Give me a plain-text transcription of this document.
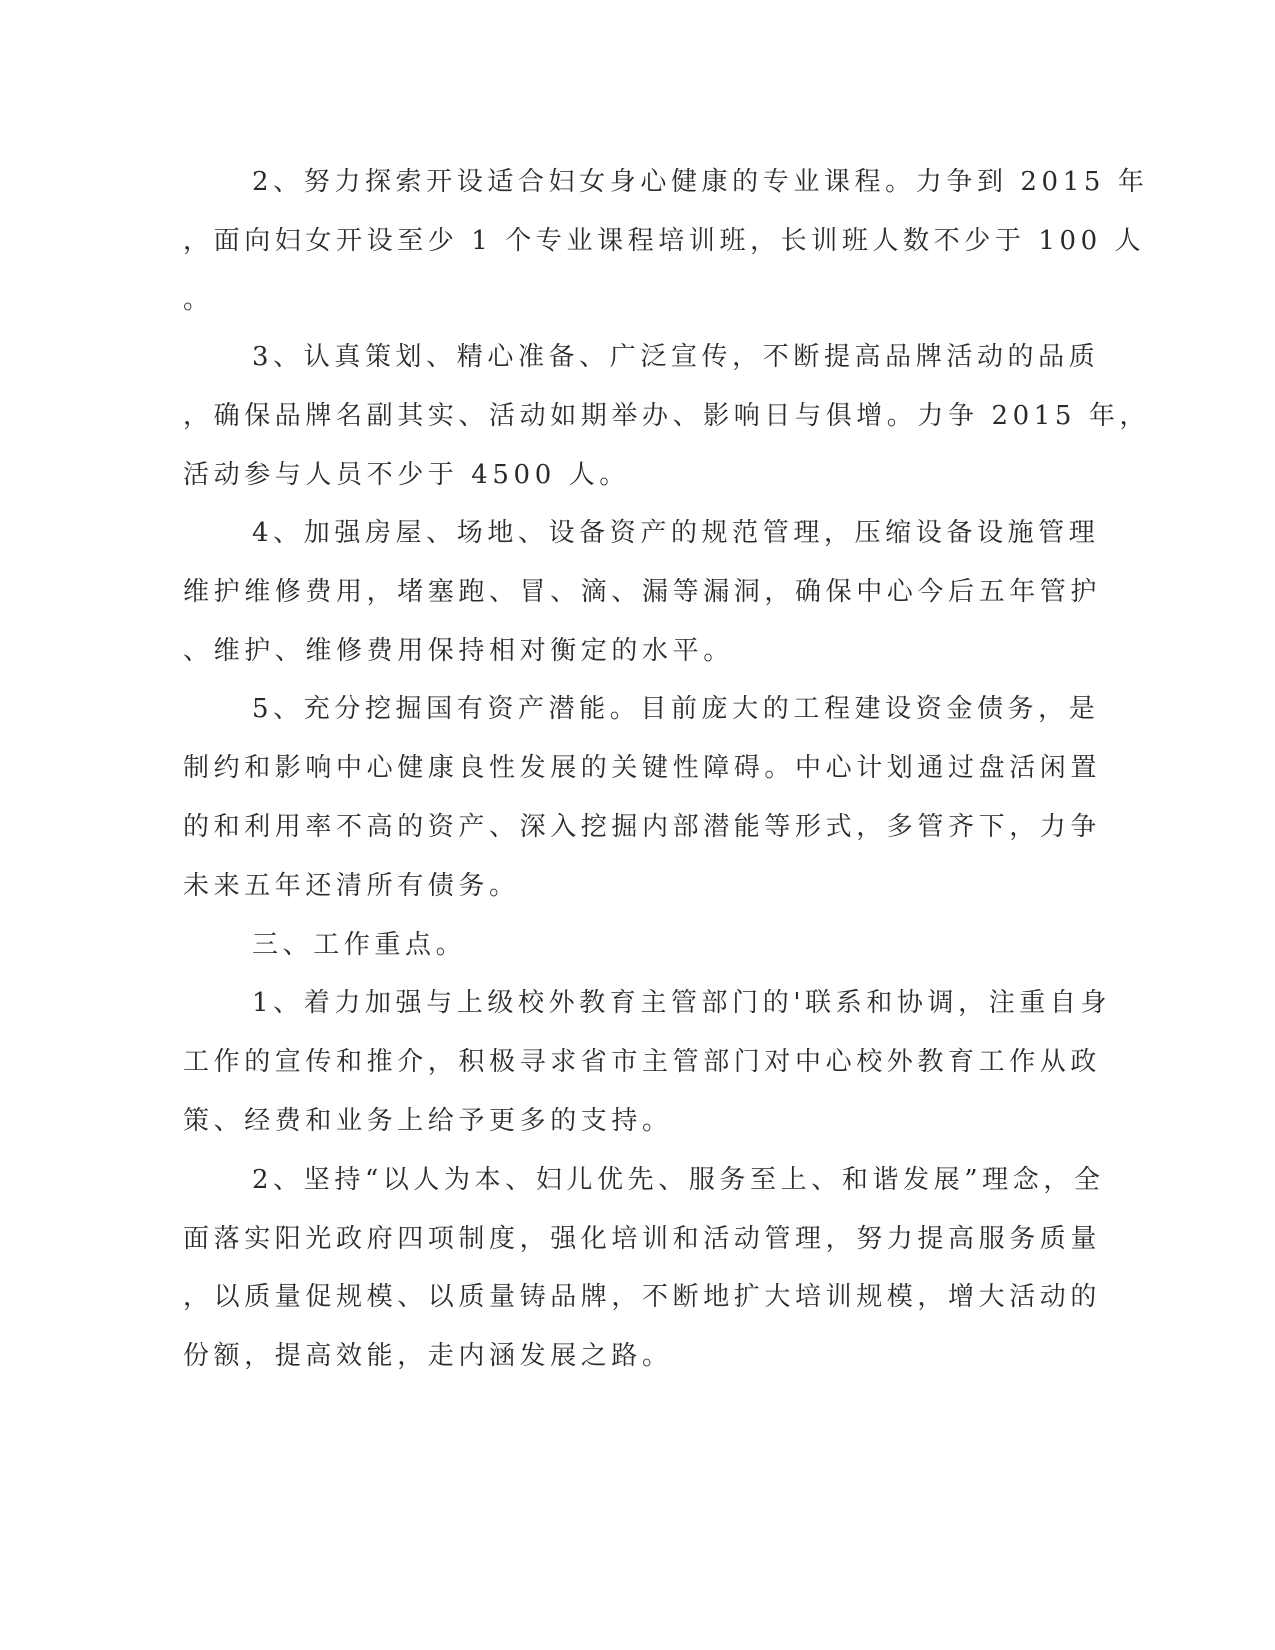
2、努力探索开设适合妇女身心健康的专业课程。力争到 2015 年
，面向妇女开设至少 1 个专业课程培训班，长训班人数不少于 100 人
。
3、认真策划、精心准备、广泛宣传，不断提高品牌活动的品质
，确保品牌名副其实、活动如期举办、影响日与俱增。力争 2015 年，
活动参与人员不少于 4500 人。
4、加强房屋、场地、设备资产的规范管理，压缩设备设施管理
维护维修费用，堵塞跑、冒、滴、漏等漏洞，确保中心今后五年管护
、维护、维修费用保持相对衡定的水平。
5、充分挖掘国有资产潜能。目前庞大的工程建设资金债务，是
制约和影响中心健康良性发展的关键性障碍。中心计划通过盘活闲置
的和利用率不高的资产、深入挖掘内部潜能等形式，多管齐下，力争
未来五年还清所有债务。
三、工作重点。
1、着力加强与上级校外教育主管部门的'联系和协调，注重自身
工作的宣传和推介，积极寻求省市主管部门对中心校外教育工作从政
策、经费和业务上给予更多的支持。
2、坚持“以人为本、妇儿优先、服务至上、和谐发展”理念，全
面落实阳光政府四项制度，强化培训和活动管理，努力提高服务质量
，以质量促规模、以质量铸品牌，不断地扩大培训规模，增大活动的
份额，提高效能，走内涵发展之路。
